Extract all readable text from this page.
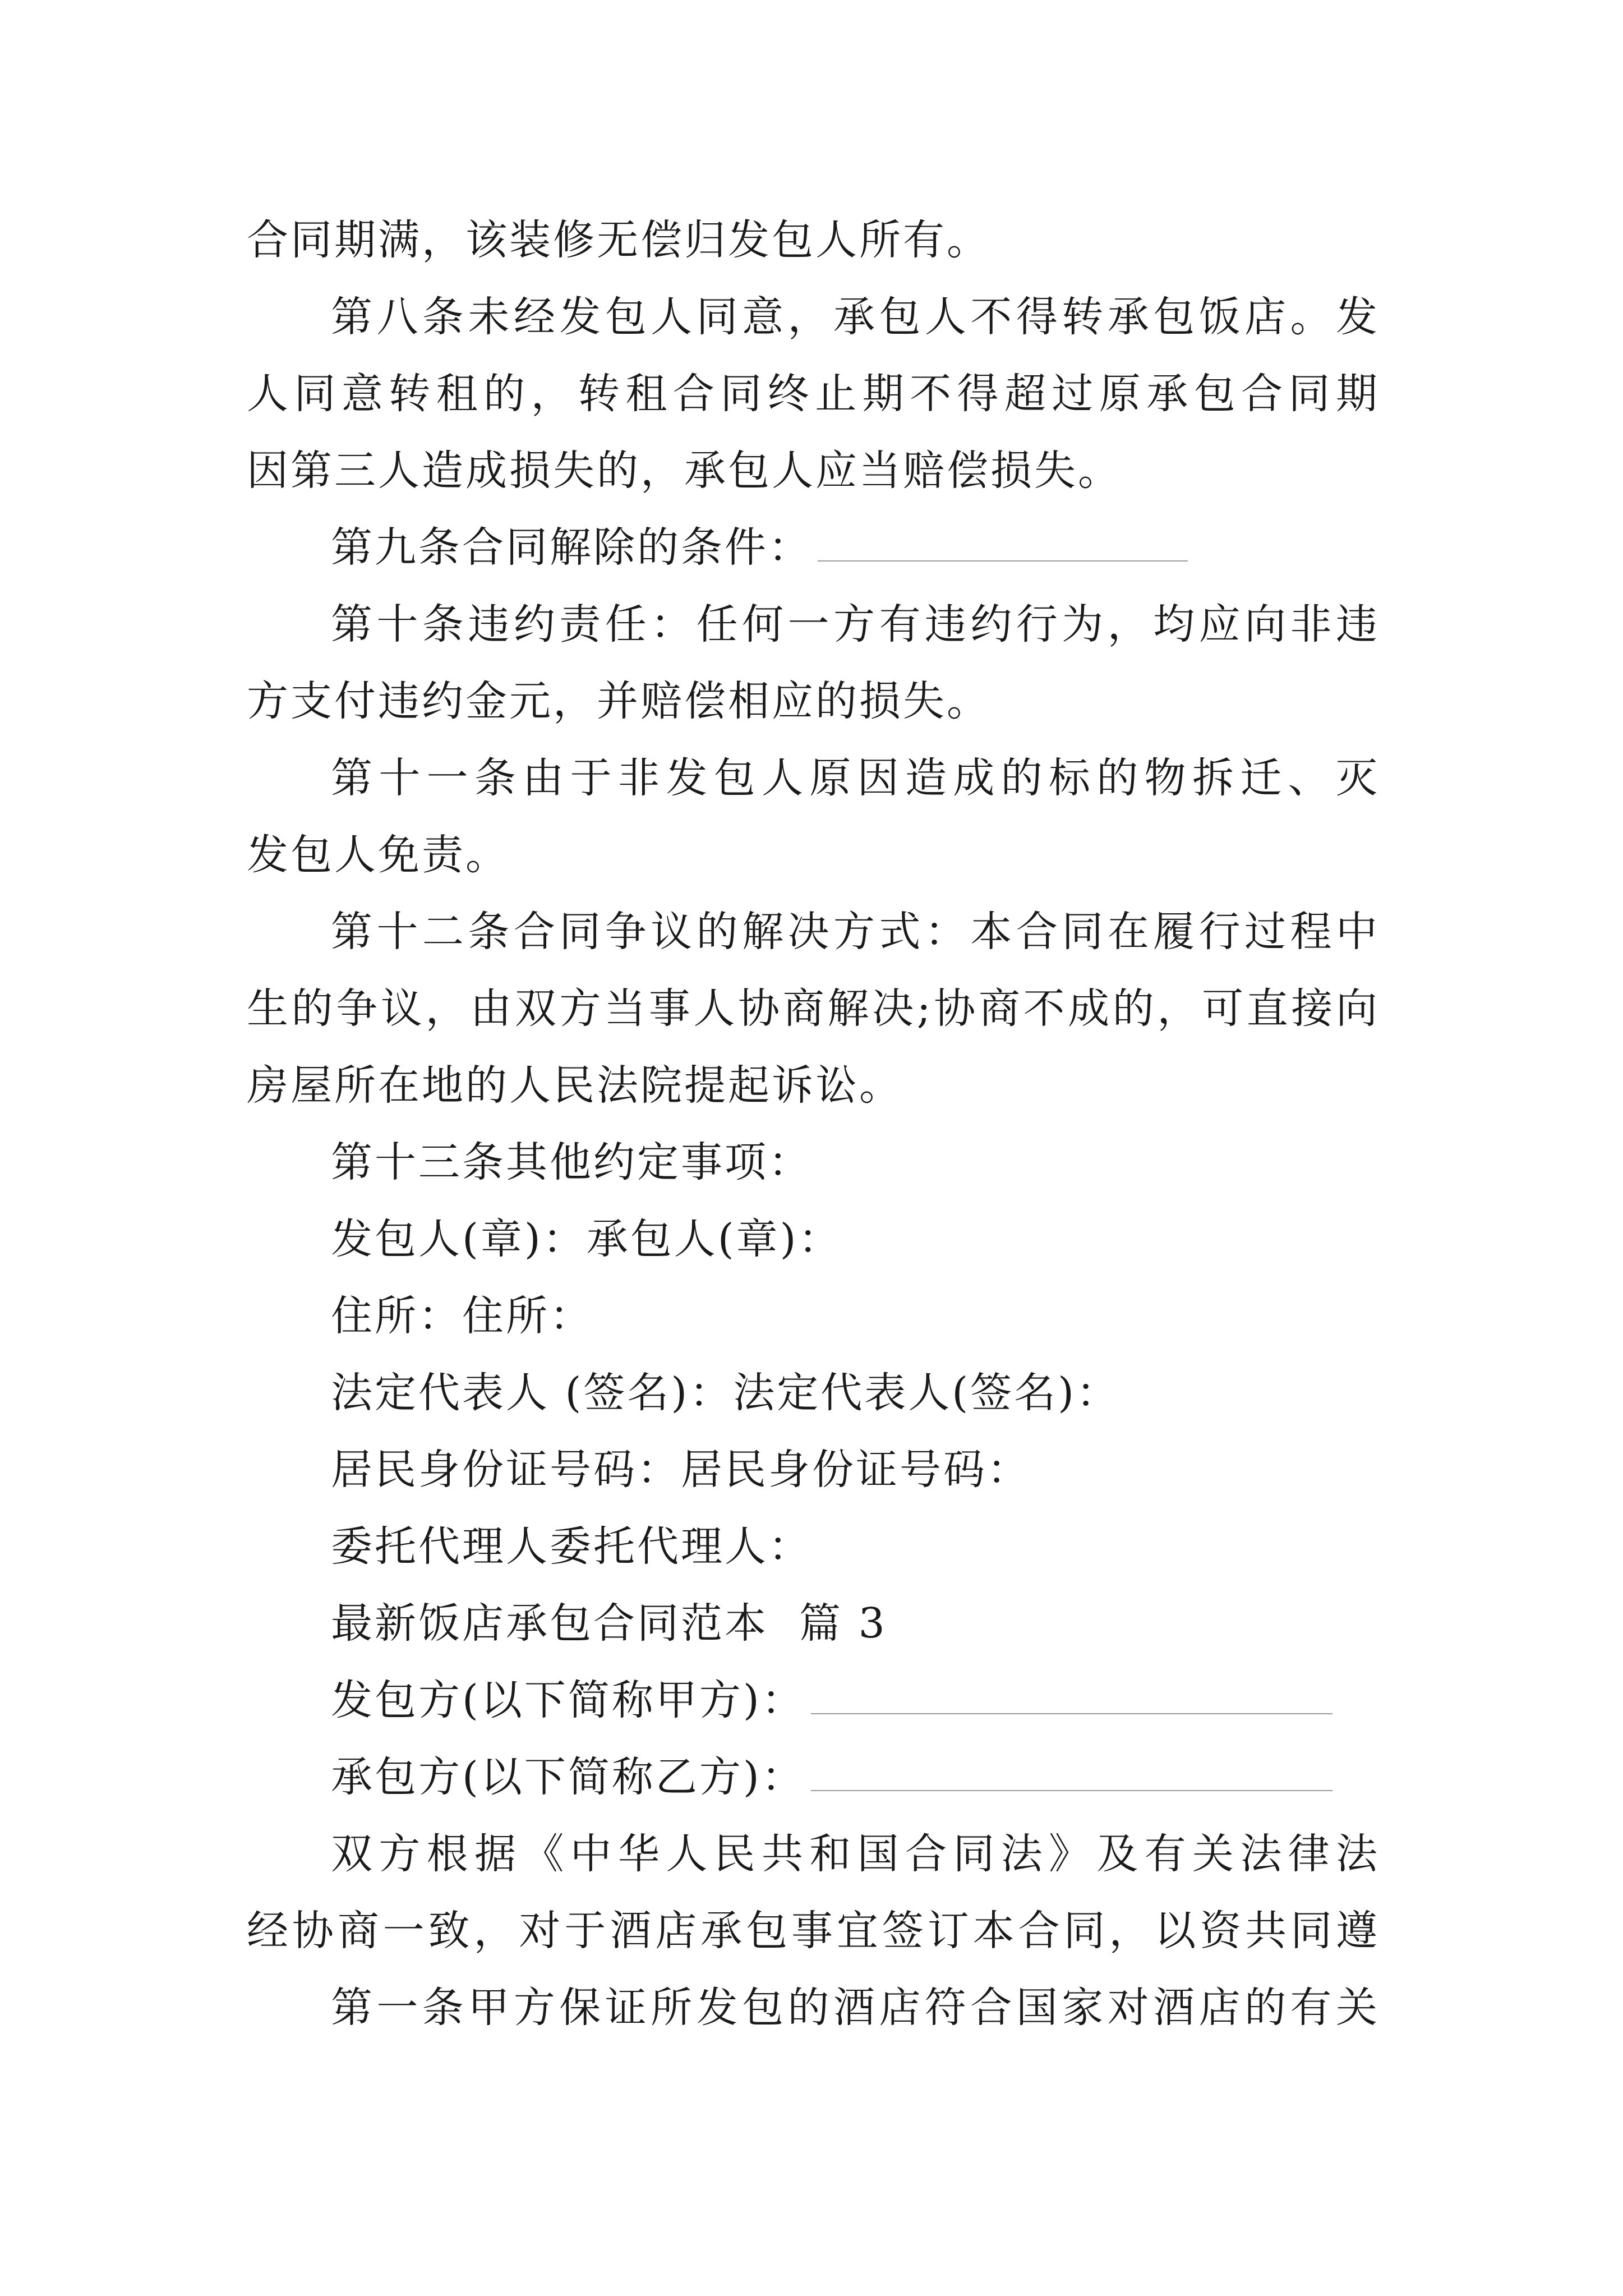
合同期满，该装修无偿归发包人所有。
第八条未经发包人同意，承包人不得转承包饭店。发
人同意转租的，转租合同终止期不得超过原承包合同期
因第三人造成损失的，承包人应当赔偿损失。
第九条合同解除的条件：
第十条违约责任：任何一方有违约行为，均应向非违
方支付违约金元，并赔偿相应的损失。
第十一条由于非发包人原因造成的标的物拆迁、灭
发包人免责。
第十二条合同争议的解决方式：本合同在履行过程中
生的争议，由双方当事人协商解决;协商不成的，可直接向
房屋所在地的人民法院提起诉讼。
第十三条其他约定事项：
发包人(章)：承包人(章)：
住所：住所：
法定代表人 (签名)：法定代表人(签名)：
居民身份证号码：居民身份证号码：
委托代理人委托代理人：
最新饭店承包合同范本  篇 3
发包方(以下简称甲方)：
承包方(以下简称乙方)：
双方根据《中华人民共和国合同法》及有关法律法
经协商一致，对于酒店承包事宜签订本合同，以资共同遵
第一条甲方保证所发包的酒店符合国家对酒店的有关
